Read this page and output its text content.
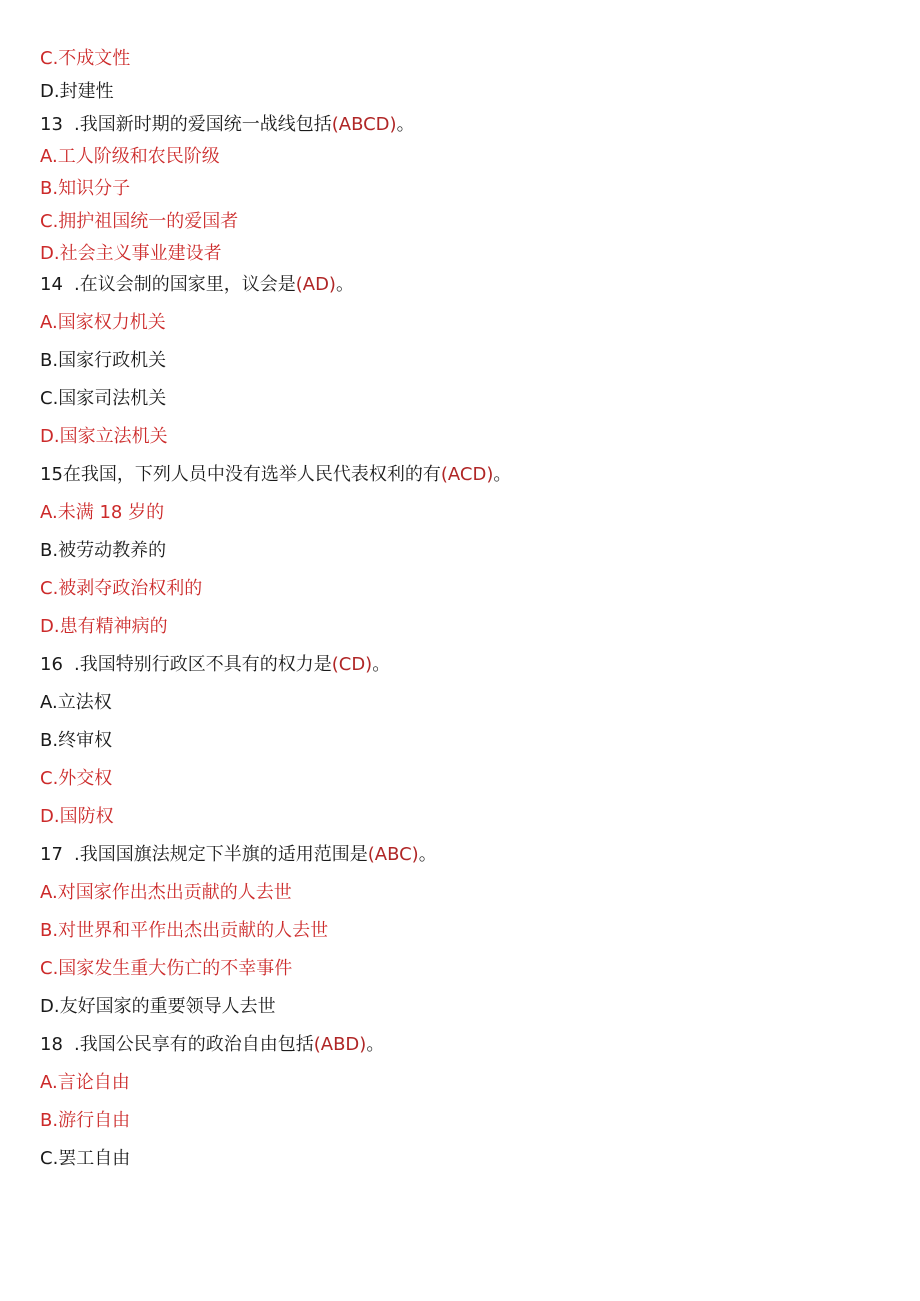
C.不成文性
D.封建性
13 .我国新时期的爱国统一战线包括(ABCD)。
A.工人阶级和农民阶级
B.知识分子
C.拥护祖国统一的爱国者
D.社会主义事业建设者
14 .在议会制的国家里，议会是(AD)。
A.国家权力机关
B.国家行政机关
C.国家司法机关
D.国家立法机关
15在我国，下列人员中没有选举人民代表权利的有(ACD)。
A.未满 18 岁的
B.被劳动教养的
C.被剥夺政治权利的
D.患有精神病的
16 .我国特别行政区不具有的权力是(CD)。
A.立法权
B.终审权
C.外交权
D.国防权
17 .我国国旗法规定下半旗的适用范围是(ABC)。
A.对国家作出杰出贡献的人去世
B.对世界和平作出杰出贡献的人去世
C.国家发生重大伤亡的不幸事件
D.友好国家的重要领导人去世
18 .我国公民享有的政治自由包括(ABD)。
A.言论自由
B.游行自由
C.罢工自由
